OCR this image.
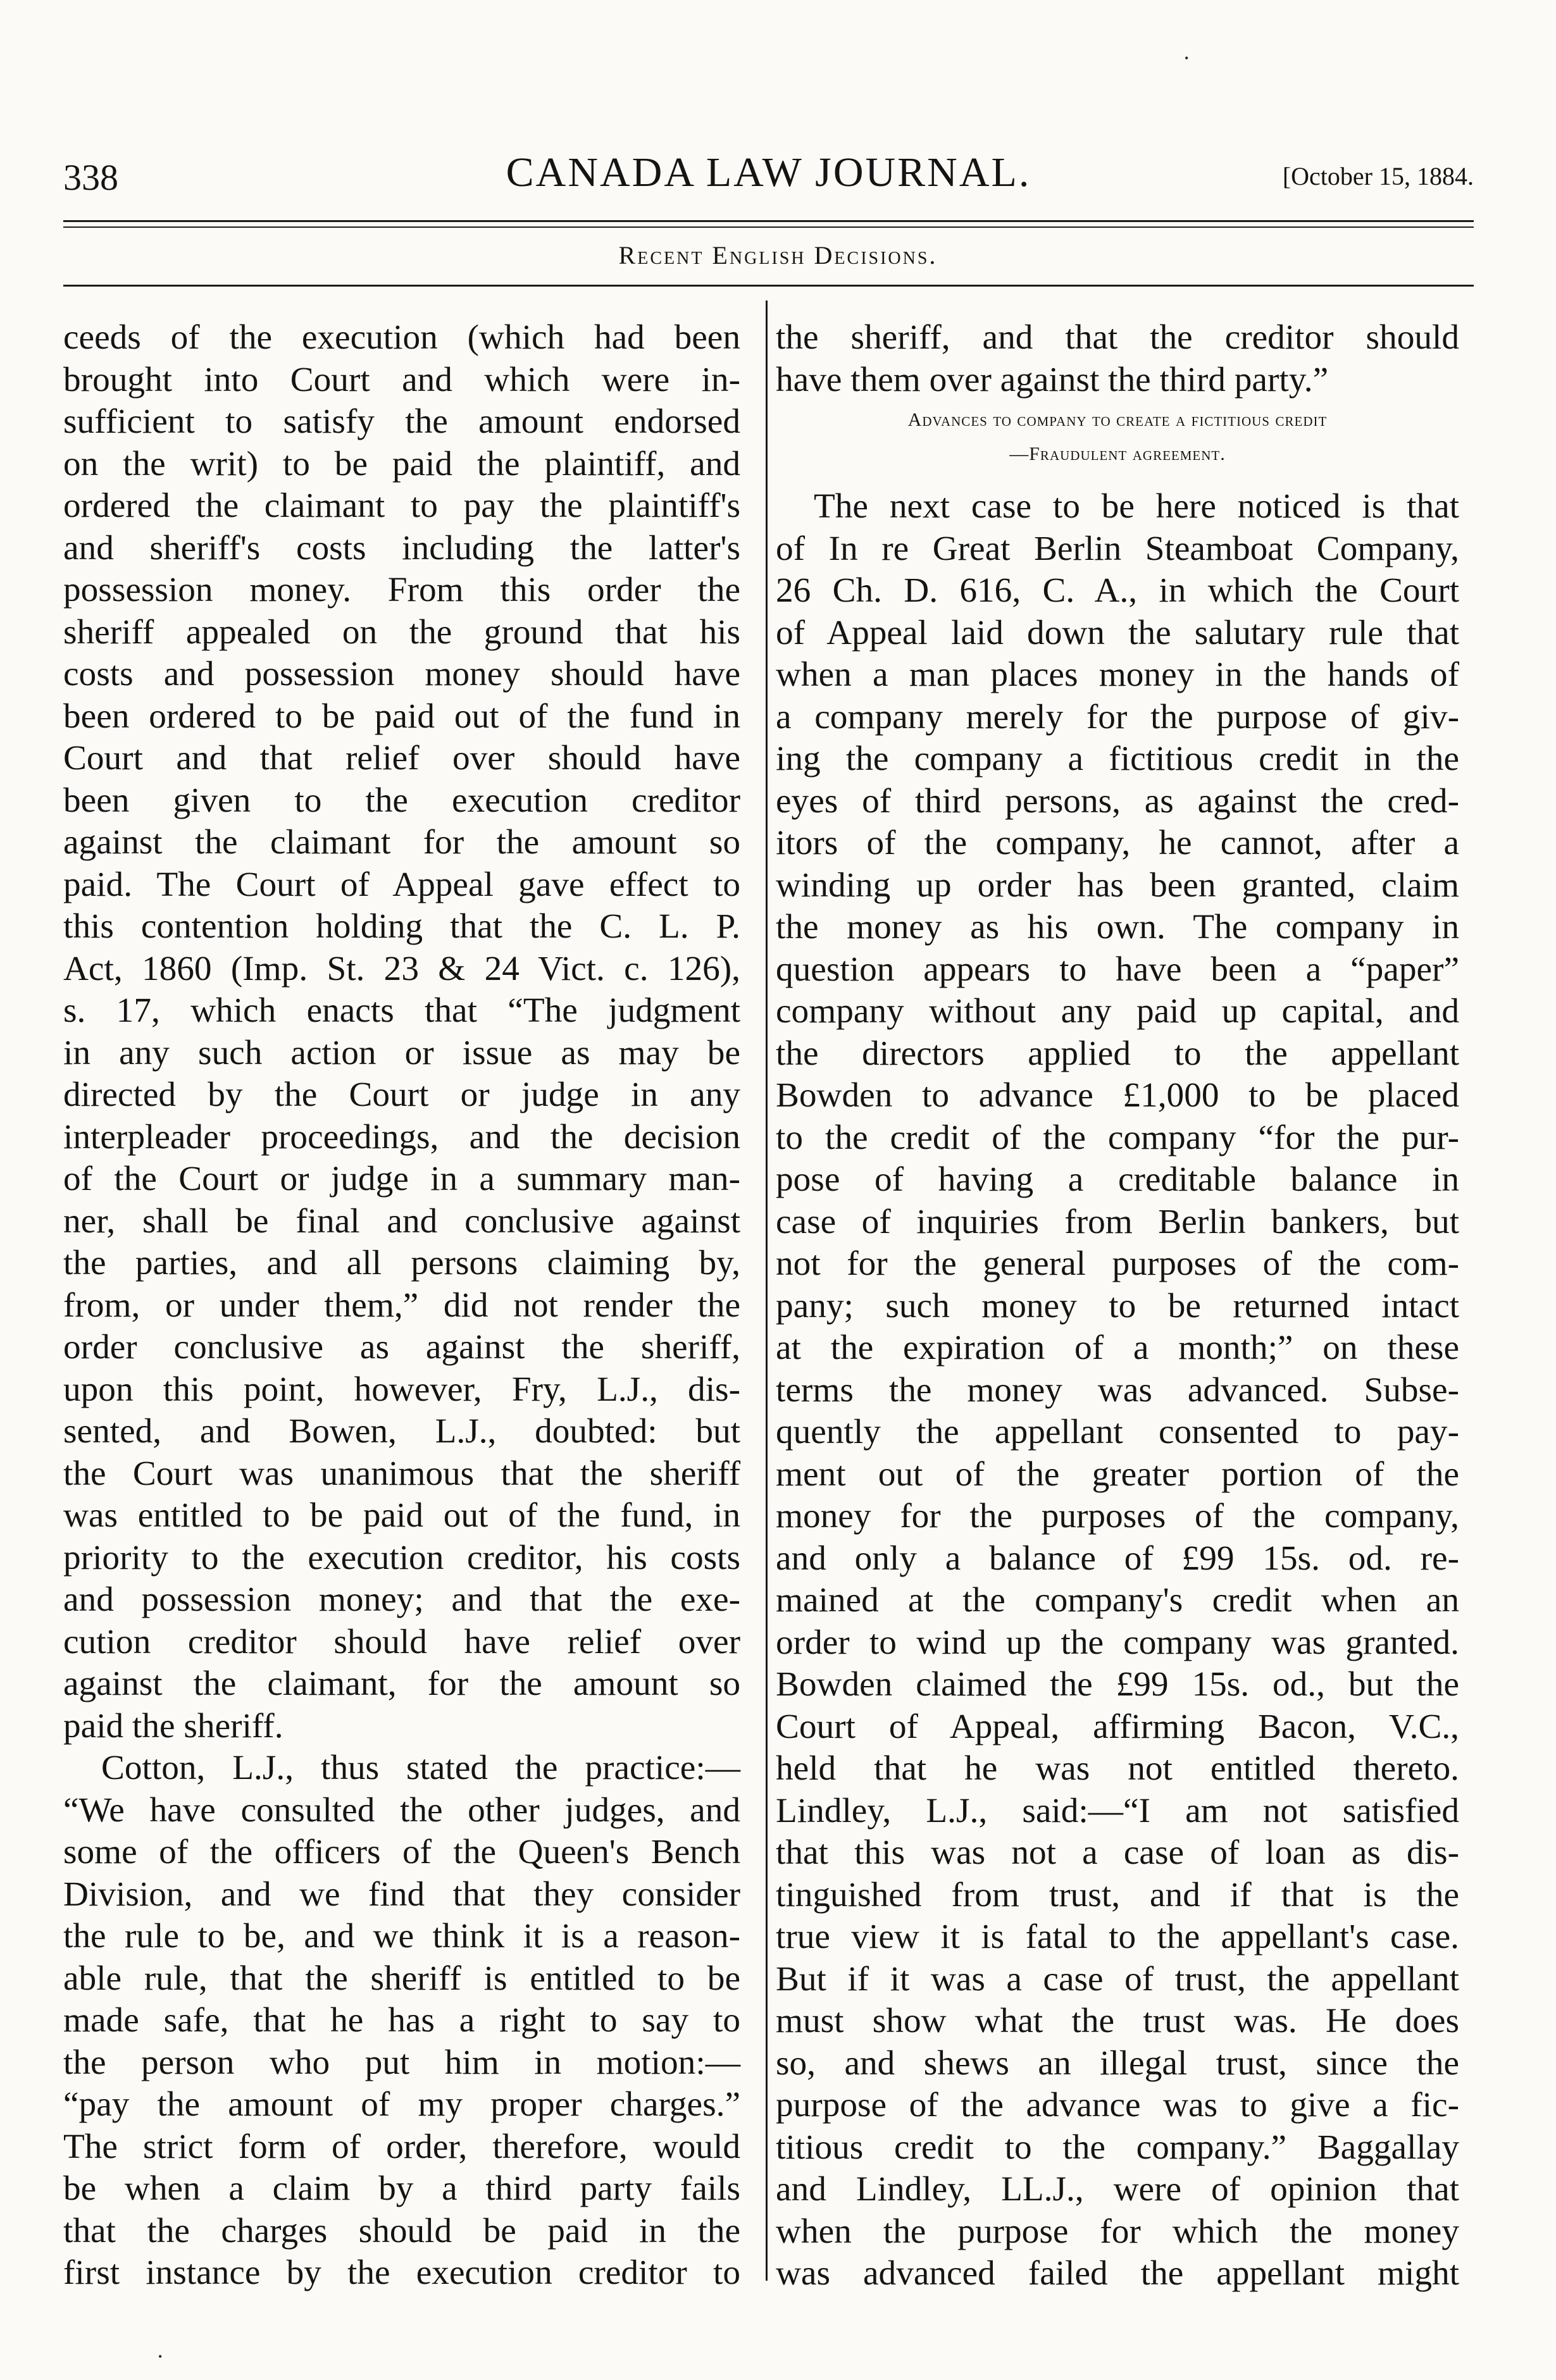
338	CANADA LAW JOURNAL.	[October 15, 1884.
Recent English Decisions.

ceeds of the execution (which had been

brought into Court and which were in-

sufficient to satisfy the amount endorsed

on the writ) to be paid the plaintiff, and

ordered the claimant to pay the plaintiff's

and sheriff's costs including the latter's

possession money. From this order the

sheriff appealed on the ground that his

costs and possession money should have

been ordered to be paid out of the fund in

Court and that relief over should have

been given to the execution creditor

against the claimant for the amount so

paid. The Court of Appeal gave effect to

this contention holding that the C. L. P.

Act, 1860 (Imp. St. 23 & 24 Vict. c. 126),

s. 17, which enacts that “The judgment

in any such action or issue as may be

directed by the Court or judge in any

interpleader proceedings, and the decision

of the Court or judge in a summary man-

ner, shall be final and conclusive against

the parties, and all persons claiming by,

from, or under them,” did not render the

order conclusive as against the sheriff,

upon this point, however, Fry, L.J., dis-

sented, and Bowen, L.J., doubted: but

the Court was unanimous that the sheriff

was entitled to be paid out of the fund, in

priority to the execution creditor, his costs

and possession money; and that the exe-

cution creditor should have relief over

against the claimant, for the amount so

paid the sheriff.

Cotton, L.J., thus stated the practice:—

“We have consulted the other judges, and

some of the officers of the Queen's Bench

Division, and we find that they consider

the rule to be, and we think it is a reason-

able rule, that the sheriff is entitled to be

made safe, that he has a right to say to

the person who put him in motion:—

“pay the amount of my proper charges.”

The strict form of order, therefore, would

be when a claim by a third party fails

that the charges should be paid in the

first instance by the execution creditor to

the sheriff, and that the creditor should

have them over against the third party.”

Advances to company to create a fictitious credit

—Fraudulent agreement.

The next case to be here noticed is that

of In re Great Berlin Steamboat Company,

26 Ch. D. 616, C. A., in which the Court

of Appeal laid down the salutary rule that

when a man places money in the hands of

a company merely for the purpose of giv-

ing the company a fictitious credit in the

eyes of third persons, as against the cred-

itors of the company, he cannot, after a

winding up order has been granted, claim

the money as his own. The company in

question appears to have been a “paper”

company without any paid up capital, and

the directors applied to the appellant

Bowden to advance £1,000 to be placed

to the credit of the company “for the pur-

pose of having a creditable balance in

case of inquiries from Berlin bankers, but

not for the general purposes of the com-

pany; such money to be returned intact

at the expiration of a month;” on these

terms the money was advanced. Subse-

quently the appellant consented to pay-

ment out of the greater portion of the

money for the purposes of the company,

and only a balance of £99 15s. od. re-

mained at the company's credit when an

order to wind up the company was granted.

Bowden claimed the £99 15s. od., but the

Court of Appeal, affirming Bacon, V.C.,

held that he was not entitled thereto.

Lindley, L.J., said:—“I am not satisfied

that this was not a case of loan as dis-

tinguished from trust, and if that is the

true view it is fatal to the appellant's case.

But if it was a case of trust, the appellant

must show what the trust was. He does

so, and shews an illegal trust, since the

purpose of the advance was to give a fic-

titious credit to the company.” Baggallay

and Lindley, LL.J., were of opinion that

when the purpose for which the money

was advanced failed the appellant might

•
•
